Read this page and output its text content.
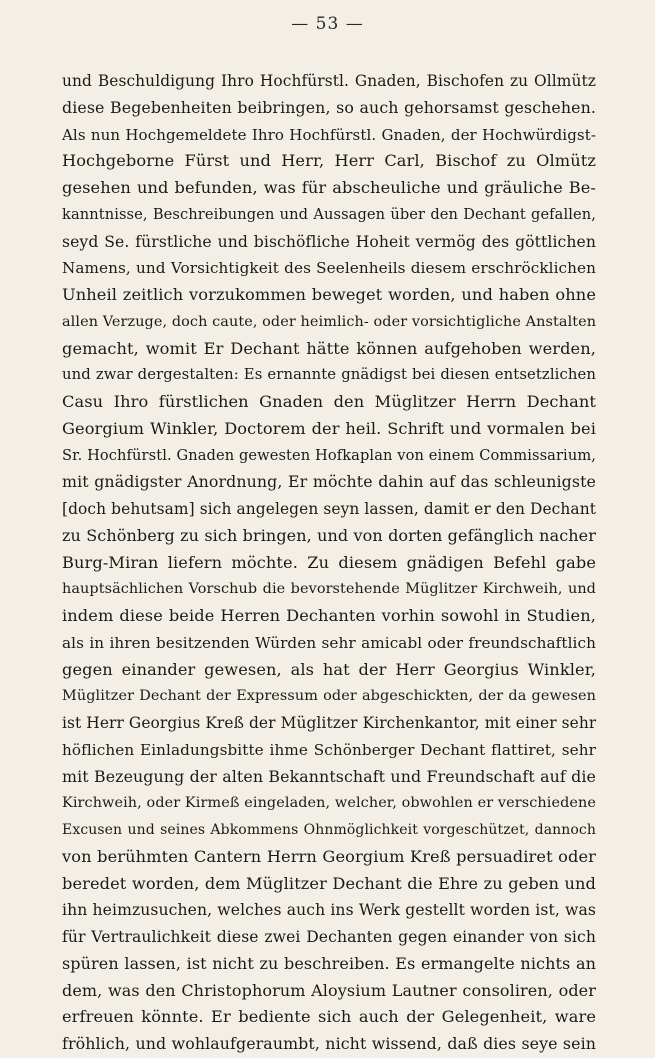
— 53 —
und Beschuldigung Ihro Hochfürstl. Gnaden, Bischofen zu Ollmütz
diese Begebenheiten beibringen, so auch gehorsamst geschehen.
Als nun Hochgemeldete Ihro Hochfürstl. Gnaden, der Hochwürdigst-
Hochgeborne Fürst und Herr, Herr Carl, Bischof zu Olmütz
gesehen und befunden, was für abscheuliche und gräuliche Be-
kanntnisse, Beschreibungen und Aussagen über den Dechant gefallen,
seyd Se. fürstliche und bischöfliche Hoheit vermög des göttlichen
Namens, und Vorsichtigkeit des Seelenheils diesem erschröcklichen
Unheil zeitlich vorzukommen beweget worden, und haben ohne
allen Verzuge, doch caute, oder heimlich- oder vorsichtigliche Anstalten
gemacht, womit Er Dechant hätte können aufgehoben werden,
und zwar dergestalten: Es ernannte gnädigst bei diesen entsetzlichen
Casu Ihro fürstlichen Gnaden den Müglitzer Herrn Dechant
Georgium Winkler, Doctorem der heil. Schrift und vormalen bei
Sr. Hochfürstl. Gnaden gewesten Hofkaplan von einem Commissarium,
mit gnädigster Anordnung, Er möchte dahin auf das schleunigste
[doch behutsam] sich angelegen seyn lassen, damit er den Dechant
zu Schönberg zu sich bringen, und von dorten gefänglich nacher
Burg-Miran liefern möchte. Zu diesem gnädigen Befehl gabe
hauptsächlichen Vorschub die bevorstehende Müglitzer Kirchweih, und
indem diese beide Herren Dechanten vorhin sowohl in Studien,
als in ihren besitzenden Würden sehr amicabl oder freundschaftlich
gegen einander gewesen, als hat der Herr Georgius Winkler,
Müglitzer Dechant der Expressum oder abgeschickten, der da gewesen
ist Herr Georgius Kreß der Müglitzer Kirchenkantor, mit einer sehr
höflichen Einladungsbitte ihme Schönberger Dechant flattiret, sehr
mit Bezeugung der alten Bekanntschaft und Freundschaft auf die
Kirchweih, oder Kirmeß eingeladen, welcher, obwohlen er verschiedene
Excusen und seines Abkommens Ohnmöglichkeit vorgeschützet, dannoch
von berühmten Cantern Herrn Georgium Kreß persuadiret oder
beredet worden, dem Müglitzer Dechant die Ehre zu geben und
ihn heimzusuchen, welches auch ins Werk gestellt worden ist, was
für Vertraulichkeit diese zwei Dechanten gegen einander von sich
spüren lassen, ist nicht zu beschreiben. Es ermangelte nichts an
dem, was den Christophorum Aloysium Lautner consoliren, oder
erfreuen könnte. Er bediente sich auch der Gelegenheit, ware
fröhlich, und wohlaufgeraumbt, nicht wissend, daß dies seye sein
